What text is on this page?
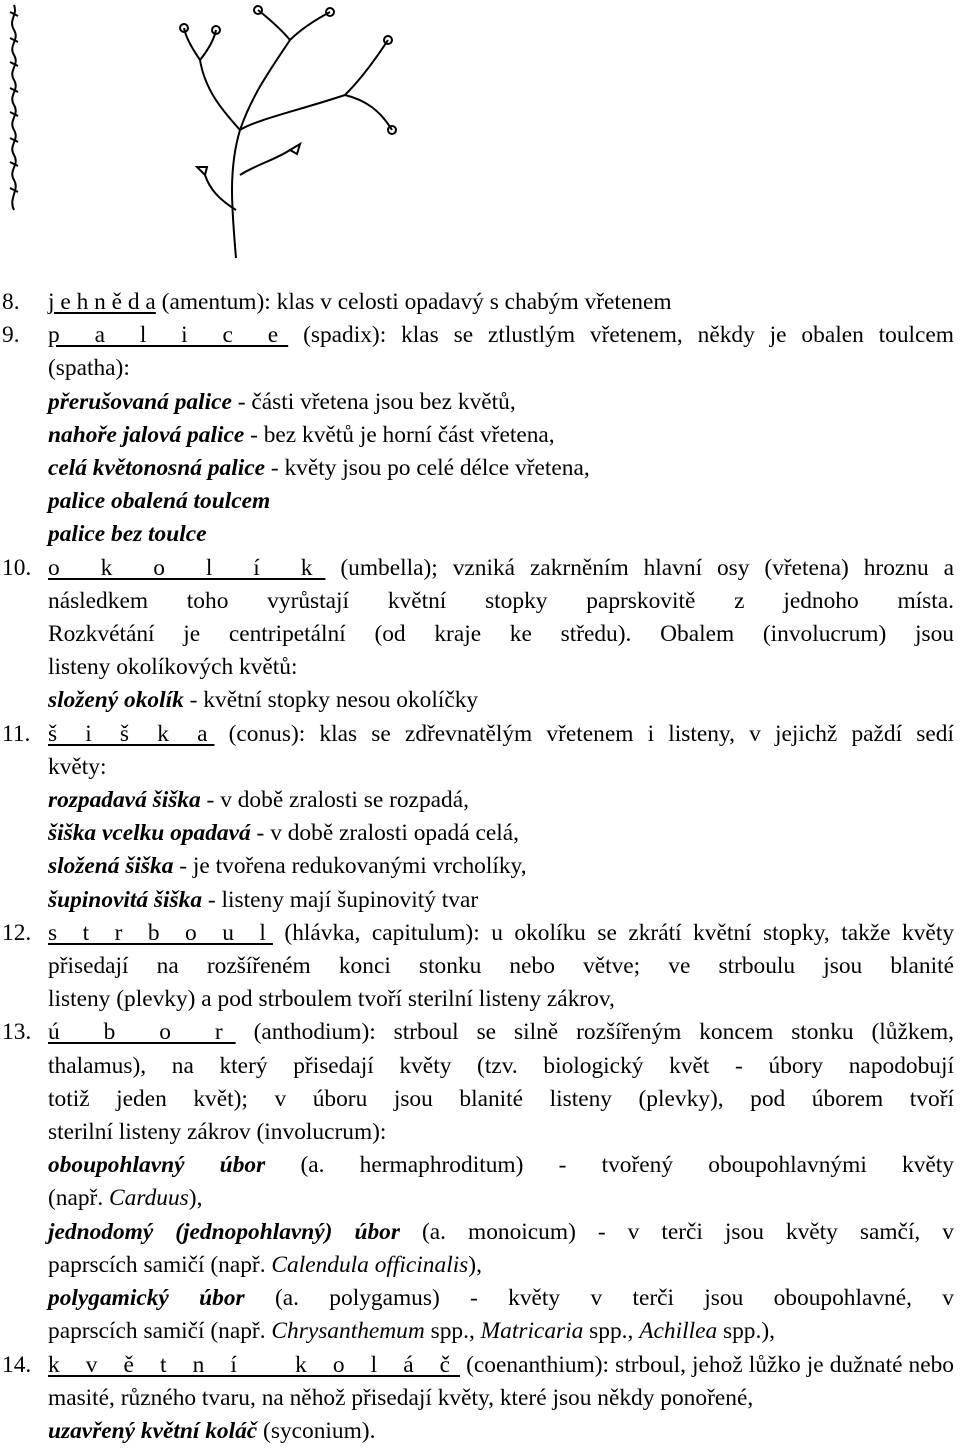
8. j e h n ě d a (amentum): klas v celosti opadavý s chabým vřetenem
9. p a l i c e (spadix): klas se ztlustlým vřetenem, někdy je obalen toulcem
(spatha):
přerušovaná palice - části vřetena jsou bez květů,
nahoře jalová palice - bez květů je horní část vřetena,
celá květonosná palice - květy jsou po celé délce vřetena,
palice obalená toulcem
palice bez toulce
10. o k o l í k (umbella); vzniká zakrněním hlavní osy (vřetena) hroznu a
následkem toho vyrůstají květní stopky paprskovitě z jednoho místa.
Rozkvétání je centripetální (od kraje ke středu). Obalem (involucrum) jsou
listeny okolíkových květů:
složený okolík - květní stopky nesou okolíčky
11. š i š k a (conus): klas se zdřevnatělým vřetenem i listeny, v jejichž paždí sedí
květy:
rozpadavá šiška - v době zralosti se rozpadá,
šiška vcelku opadavá - v době zralosti opadá celá,
složená šiška - je tvořena redukovanými vrcholíky,
šupinovitá šiška - listeny mají šupinovitý tvar
12. s t r b o u l (hlávka, capitulum): u okolíku se zkrátí květní stopky, takže květy
přisedají na rozšířeném konci stonku nebo větve; ve strboulu jsou blanité
listeny (plevky) a pod strboulem tvoří sterilní listeny zákrov,
13. ú b o r (anthodium): strboul se silně rozšířeným koncem stonku (lůžkem,
thalamus), na který přisedají květy (tzv. biologický květ - úbory napodobují
totiž jeden květ); v úboru jsou blanité listeny (plevky), pod úborem tvoří
sterilní listeny zákrov (involucrum):
oboupohlavný úbor (a. hermaphroditum) - tvořený oboupohlavnými květy
(např. Carduus),
jednodomý (jednopohlavný) úbor (a. monoicum) - v terči jsou květy samčí, v
paprscích samičí (např. Calendula officinalis),
polygamický úbor (a. polygamus) - květy v terči jsou oboupohlavné, v
paprscích samičí (např. Chrysanthemum spp., Matricaria spp., Achillea spp.),
14. k v ě t n í   k o l á č (coenanthium): strboul, jehož lůžko je dužnaté nebo
masité, různého tvaru, na něhož přisedají květy, které jsou někdy ponořené,
uzavřený květní koláč (syconium).
